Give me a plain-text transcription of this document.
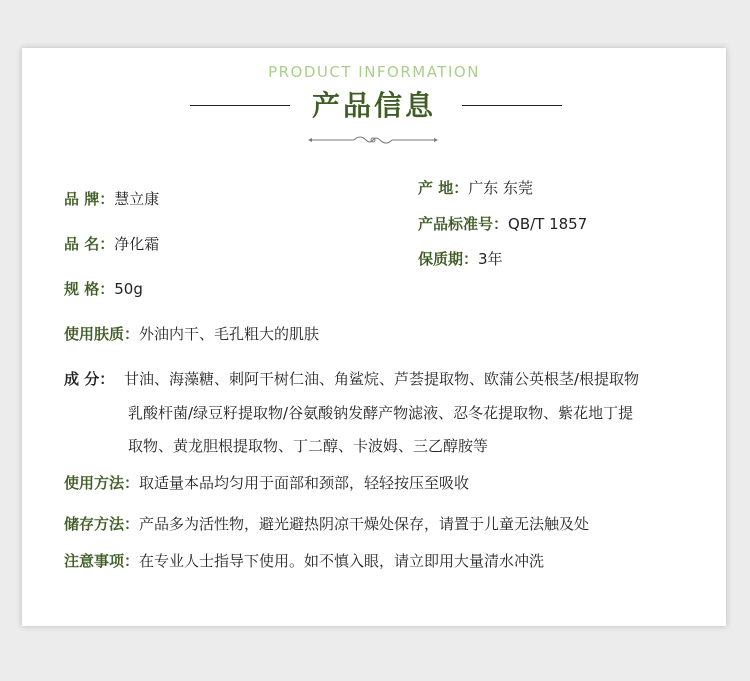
PRODUCT INFORMATION
产品信息
品 牌：慧立康
品 名：净化霜
规 格：50g
产 地：广东 东莞
产品标准号：QB/T 1857
保质期：3年
使用肤质：外油内干、毛孔粗大的肌肤
成 分： 甘油、海藻糖、刺阿干树仁油、角鲨烷、芦荟提取物、欧蒲公英根茎/根提取物
乳酸杆菌/绿豆籽提取物/谷氨酸钠发酵产物滤液、忍冬花提取物、紫花地丁提
取物、黄龙胆根提取物、丁二醇、卡波姆、三乙醇胺等
使用方法：取适量本品均匀用于面部和颈部，轻轻按压至吸收
储存方法：产品多为活性物，避光避热阴凉干燥处保存，请置于儿童无法触及处
注意事项：在专业人士指导下使用。如不慎入眼，请立即用大量清水冲洗
